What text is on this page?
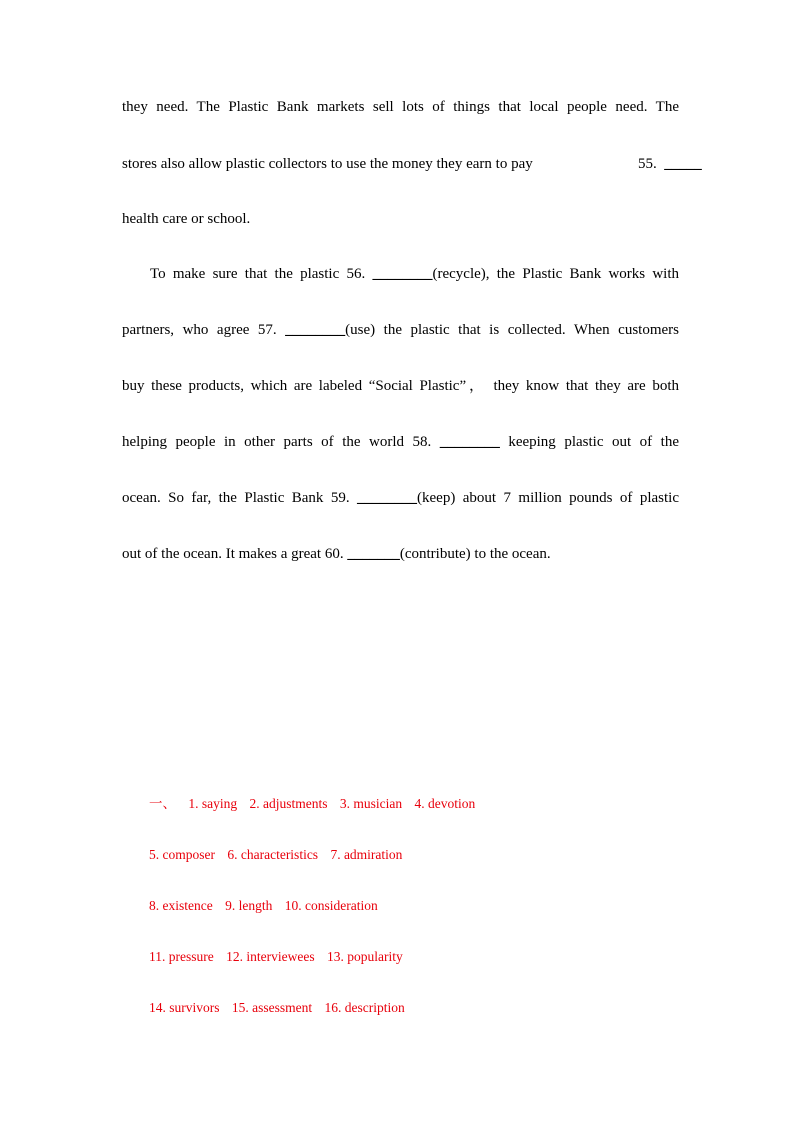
they need. The Plastic Bank markets sell lots of things that local people need. The
stores also allow plastic collectors to use the money they earn to pay	55. _____
health care or school.
To make sure that the plastic 56. ________(recycle), the Plastic Bank works with
partners, who agree 57. ________(use) the plastic that is collected. When customers
buy these products, which are labeled “Social Plastic”， they know that they are both
helping people in other parts of the world 58. ________ keeping plastic out of the
ocean. So far, the Plastic Bank 59. ________(keep) about 7 million pounds of plastic
out of the ocean. It makes a great 60. _______(contribute) to the ocean.
一、 1. saying 2. adjustments 3. musician 4. devotion
5. composer 6. characteristics 7. admiration
8. existence 9. length 10. consideration
11. pressure 12. interviewees 13. popularity
14. survivors 15. assessment 16. description
